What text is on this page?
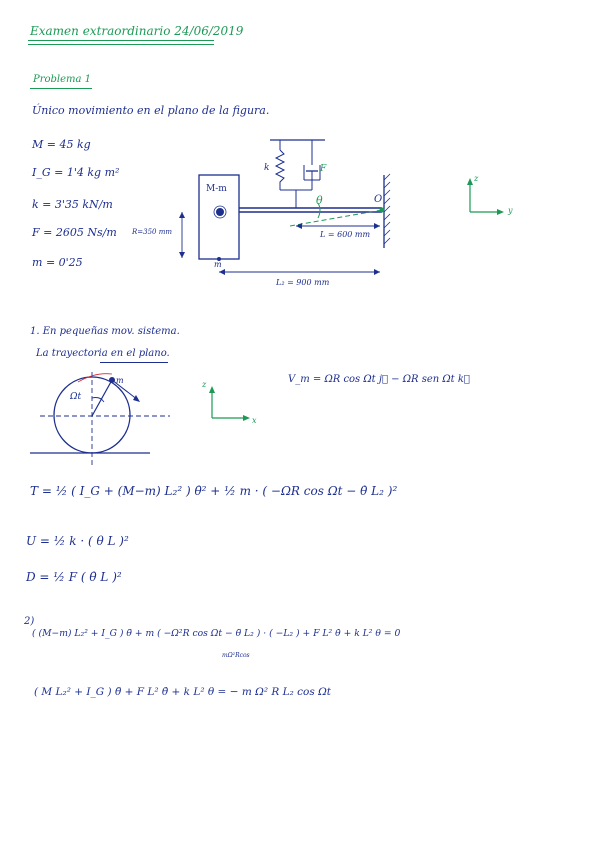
Examen extraordinario 24/06/2019
Problema 1
Único movimiento en el plano de la figura.
M = 45 kg
I_G = 1'4 kg m²
k = 3'35 kN/m
F = 2605 Ns/m
m = 0'25
M-m
k	F
R=350 mm	L = 600 mm
L₂ = 900 mm
θ	O
m
z
y
1. En pequeñas mov. sistema.
La trayectoria en el plano.
Ωt
m	z
x
V_m = ΩR cos Ωt j⃗ − ΩR sen Ωt k⃗
T = ½ ( I_G + (M−m) L₂² ) θ̇² + ½ m · ( −ΩR cos Ωt − θ̇ L₂ )²
U = ½ k · ( θ L )²
D = ½ F ( θ̇ L )²
2)
( (M−m) L₂² + I_G ) θ̈ + m ( −Ω²R cos Ωt − θ̈ L₂ ) · ( −L₂ ) + F L² θ̇ + k L² θ = 0
mΩ²Rcos
( M L₂² + I_G ) θ̈ + F L² θ̇ + k L² θ = − m Ω² R L₂ cos Ωt
